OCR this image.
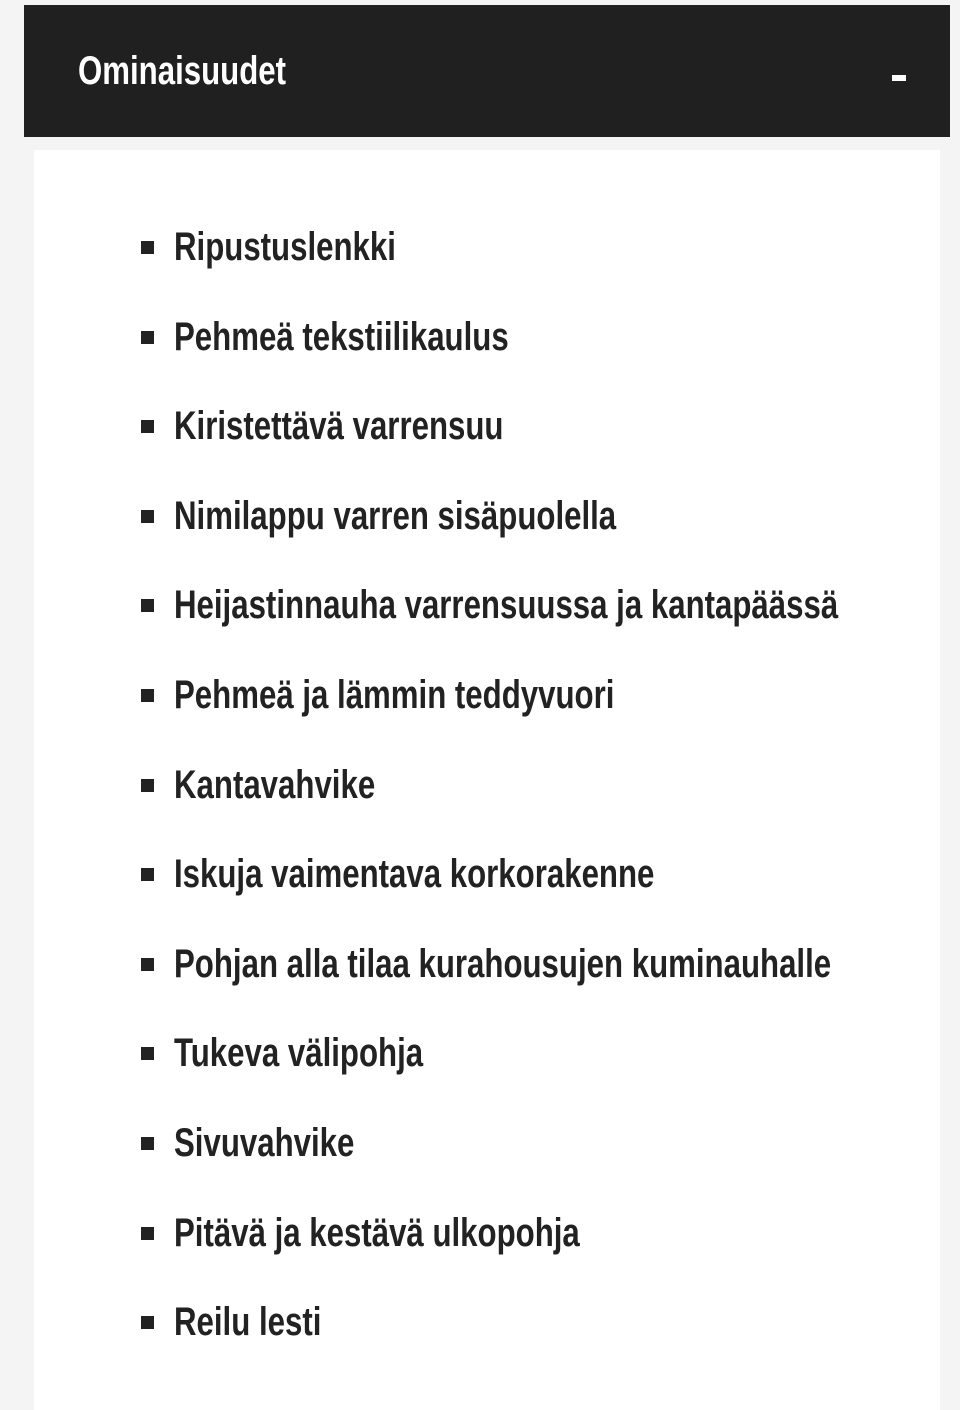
Ominaisuudet
Ripustuslenkki
Pehmeä tekstiilikaulus
Kiristettävä varrensuu
Nimilappu varren sisäpuolella
Heijastinnauha varrensuussa ja kantapäässä
Pehmeä ja lämmin teddyvuori
Kantavahvike
Iskuja vaimentava korkorakenne
Pohjan alla tilaa kurahousujen kuminauhalle
Tukeva välipohja
Sivuvahvike
Pitävä ja kestävä ulkopohja
Reilu lesti
